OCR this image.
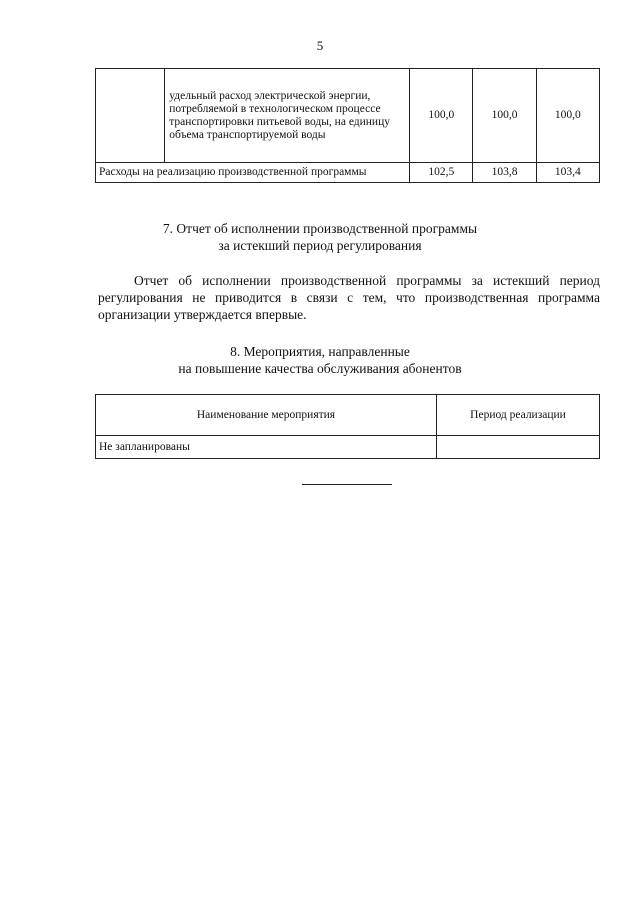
5
	удельный расход электрической энергии, потребляемой в технологическом процессе транспортировки питьевой воды, на единицу объема транспортируемой воды	100,0	100,0	100,0
Расходы на реализацию производственной программы		102,5	103,8	103,4
7. Отчет об исполнении производственной программы
за истекший период регулирования
Отчет об исполнении производственной программы за истекший период регулирования не приводится в связи с тем, что производственная программа организации утверждается впервые.
8. Мероприятия, направленные
на повышение качества обслуживания абонентов
Наименование мероприятия	Период реализации
Не запланированы	
